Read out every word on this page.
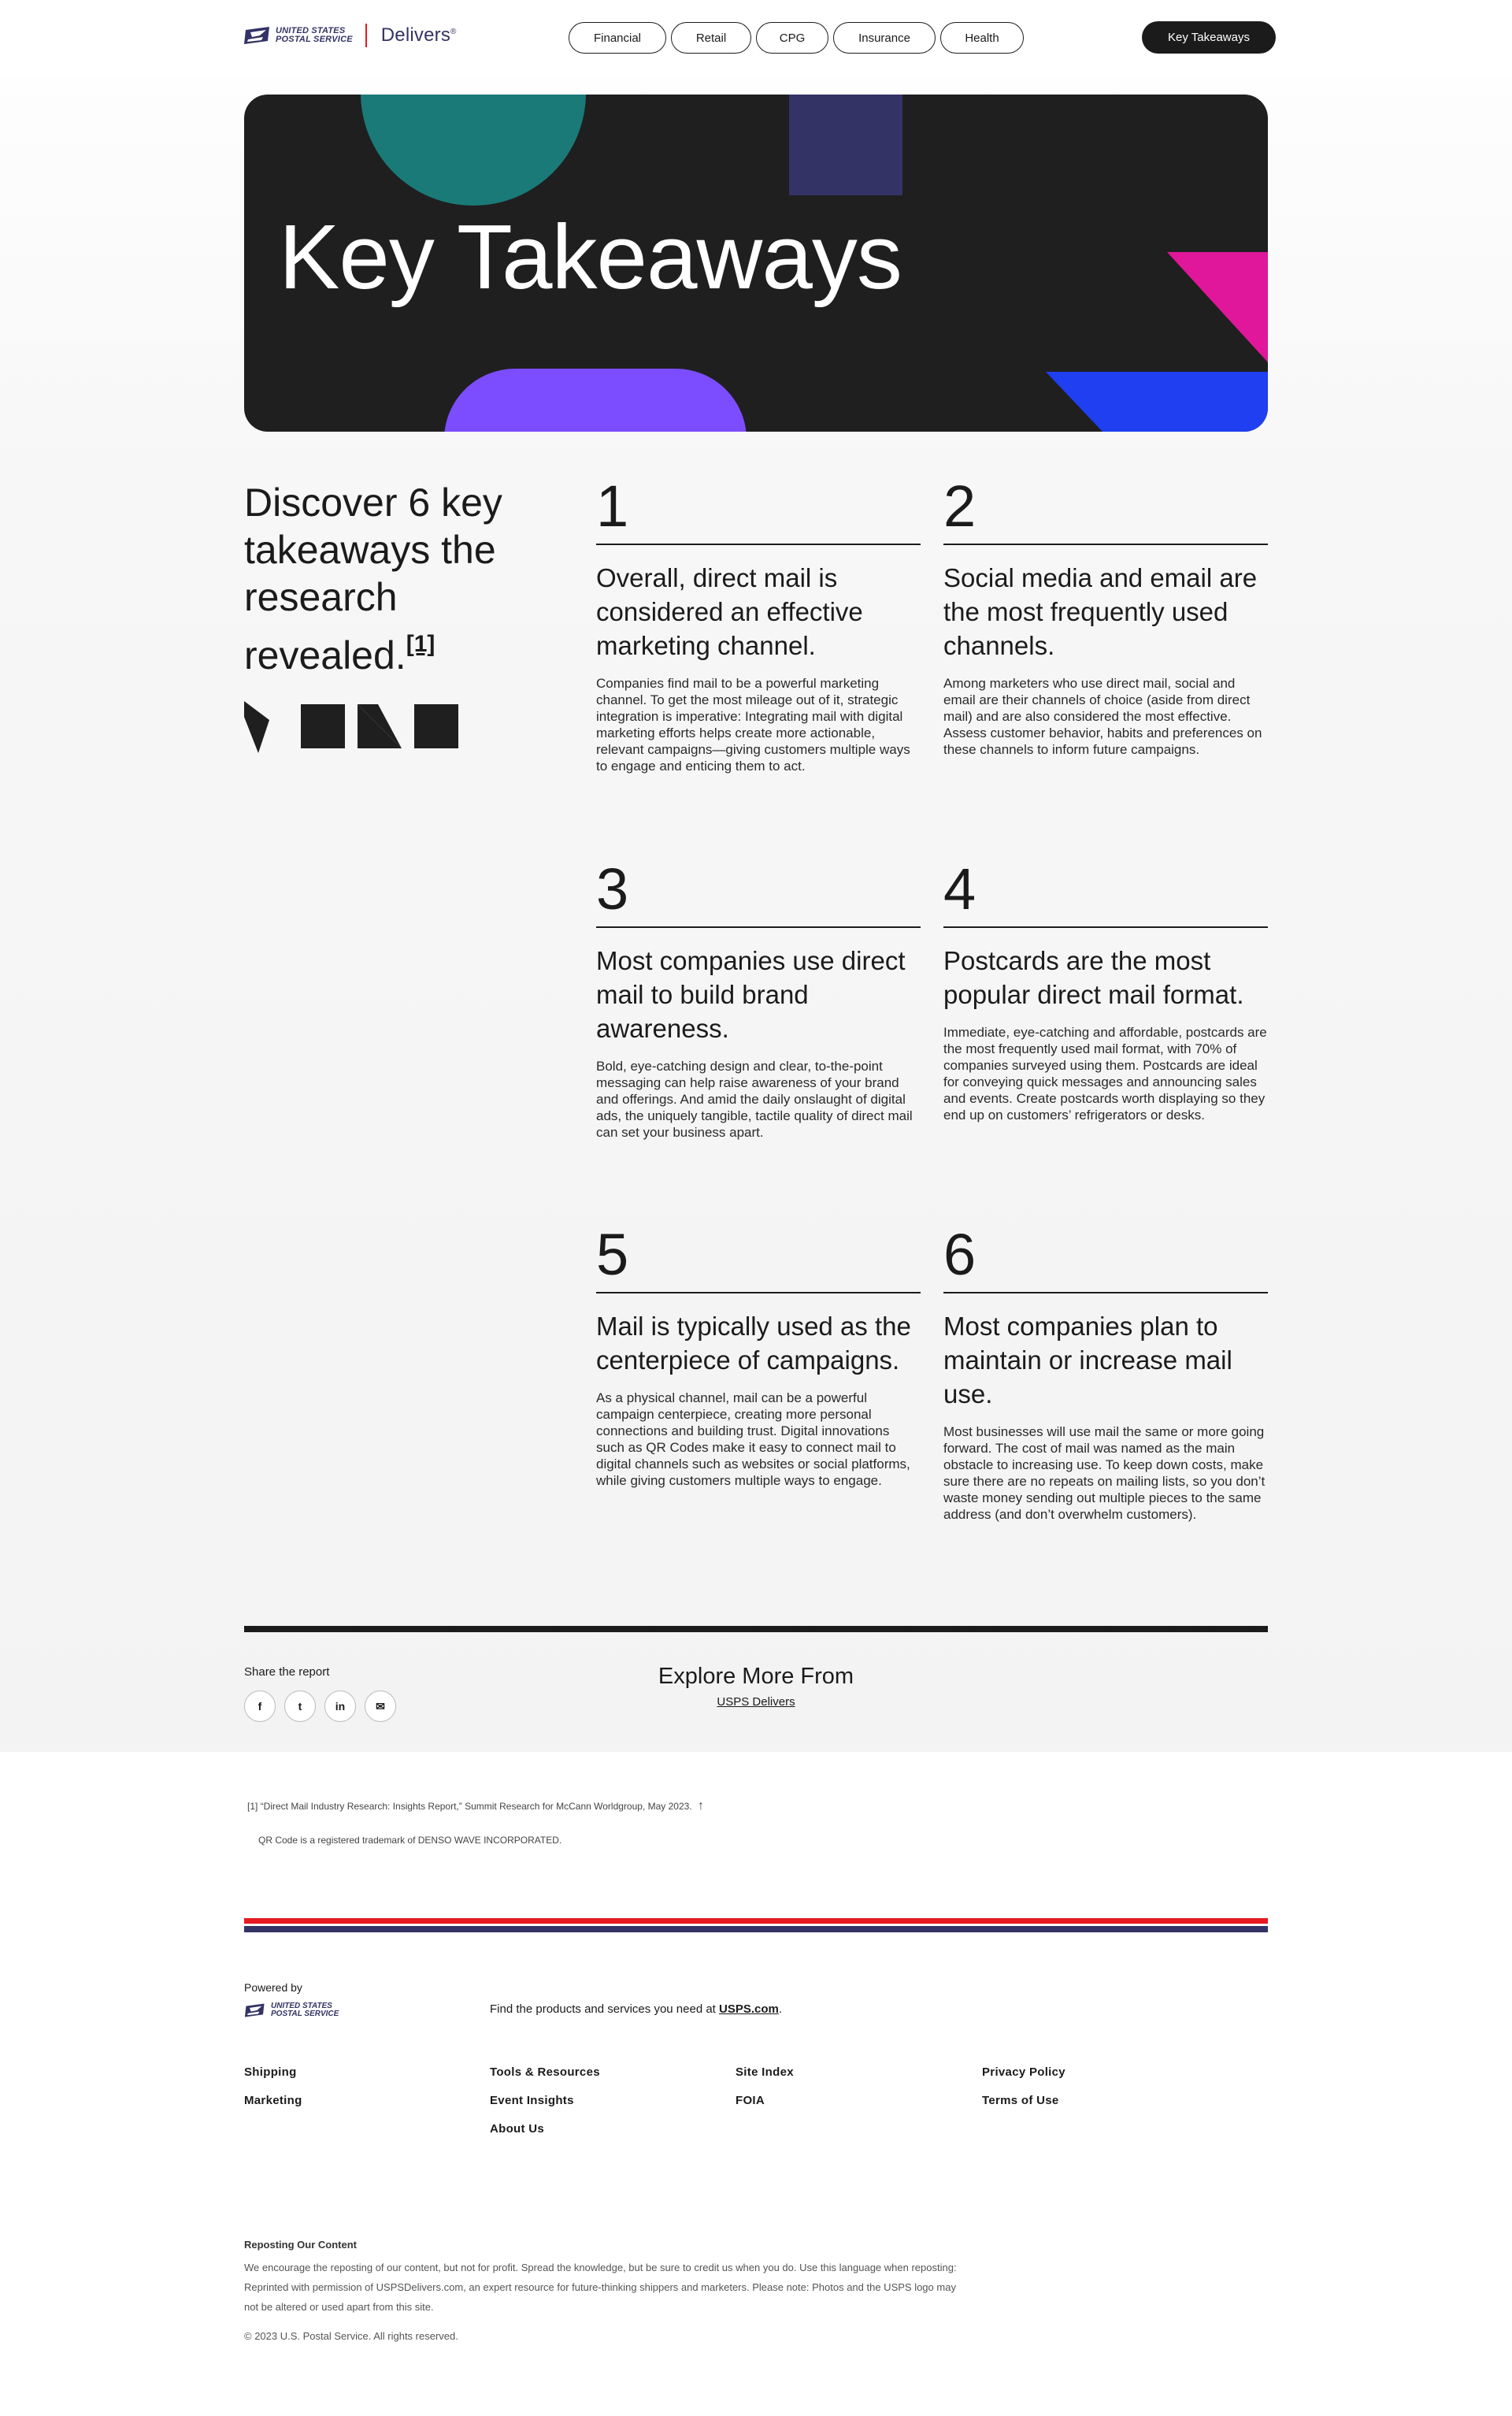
UNITED STATES
POSTAL SERVICE Delivers®	Financial	Retail	CPG	Insurance	Health	Key Takeaways
Key Takeaways
Discover 6 key takeaways the research revealed.[1]
1
Overall, direct mail is considered an effective marketing channel.
Companies find mail to be a powerful marketing channel. To get the most mileage out of it, strategic integration is imperative: Integrating mail with digital marketing efforts helps create more actionable, relevant campaigns—giving customers multiple ways to engage and enticing them to act.
2
Social media and email are the most frequently used channels.
Among marketers who use direct mail, social and email are their channels of choice (aside from direct mail) and are also considered the most effective. Assess customer behavior, habits and preferences on these channels to inform future campaigns.
3
Most companies use direct mail to build brand awareness.
Bold, eye-catching design and clear, to-the-point messaging can help raise awareness of your brand and offerings. And amid the daily onslaught of digital ads, the uniquely tangible, tactile quality of direct mail can set your business apart.
4
Postcards are the most popular direct mail format.
Immediate, eye-catching and affordable, postcards are the most frequently used mail format, with 70% of companies surveyed using them. Postcards are ideal for conveying quick messages and announcing sales and events. Create postcards worth displaying so they end up on customers’ refrigerators or desks.
5
Mail is typically used as the centerpiece of campaigns.
As a physical channel, mail can be a powerful campaign centerpiece, creating more personal connections and building trust. Digital innovations such as QR Codes make it easy to connect mail to digital channels such as websites or social platforms, while giving customers multiple ways to engage.
6
Most companies plan to maintain or increase mail use.
Most businesses will use mail the same or more going forward. The cost of mail was named as the main obstacle to increasing use. To keep down costs, make sure there are no repeats on mailing lists, so you don’t waste money sending out multiple pieces to the same address (and don’t overwhelm customers).
Share the report
f	t	in	✉
Explore More From
USPS Delivers
[1] “Direct Mail Industry Research: Insights Report,” Summit Research for McCann Worldgroup, May 2023. ↑
QR Code is a registered trademark of DENSO WAVE INCORPORATED.
Powered by
UNITED STATES
POSTAL SERVICE	Find the products and services you need at USPS.com.
Shipping
Marketing
Tools & Resources
Event Insights
About Us
Site Index
FOIA
Privacy Policy
Terms of Use
Reposting Our Content
We encourage the reposting of our content, but not for profit. Spread the knowledge, but be sure to credit us when you do. Use this language when reposting: Reprinted with permission of USPSDelivers.com, an expert resource for future-thinking shippers and marketers. Please note: Photos and the USPS logo may not be altered or used apart from this site.
© 2023 U.S. Postal Service. All rights reserved.
